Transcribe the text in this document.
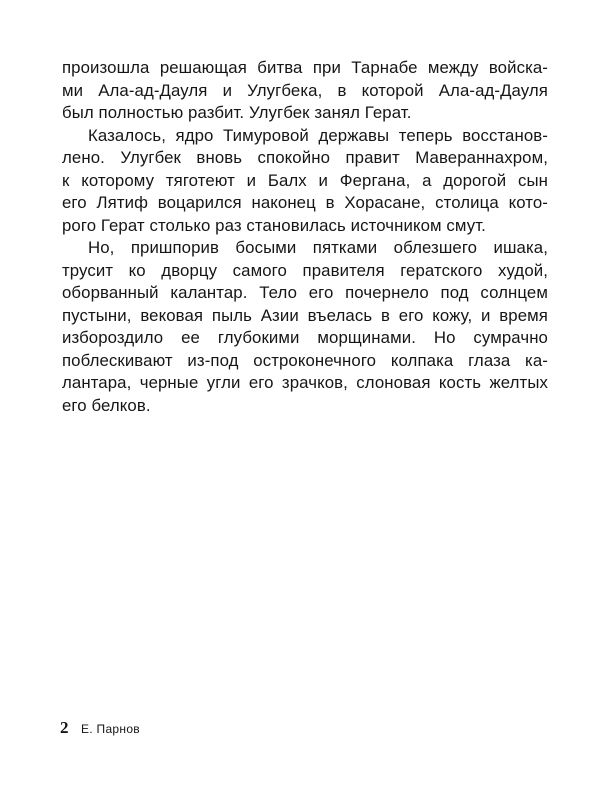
произошла решающая битва при Тарнабе между войска-
ми Ала-ад-Дауля и Улугбека, в которой Ала-ад-Дауля
был полностью разбит. Улугбек занял Герат.
Казалось, ядро Тимуровой державы теперь восстанов-
лено. Улугбек вновь спокойно правит Мавераннахром,
к которому тяготеют и Балх и Фергана, а дорогой сын
его Лятиф воцарился наконец в Хорасане, столица кото-
рого Герат столько раз становилась источником смут.
Но, пришпорив босыми пятками облезшего ишака,
трусит ко дворцу самого правителя гератского худой,
оборванный калантар. Тело его почернело под солнцем
пустыни, вековая пыль Азии въелась в его кожу, и время
избороздило ее глубокими морщинами. Но сумрачно
поблескивают из-под остроконечного колпака глаза ка-
лантара, черные угли его зрачков, слоновая кость желтых
его белков.
2 Е. Парнов
